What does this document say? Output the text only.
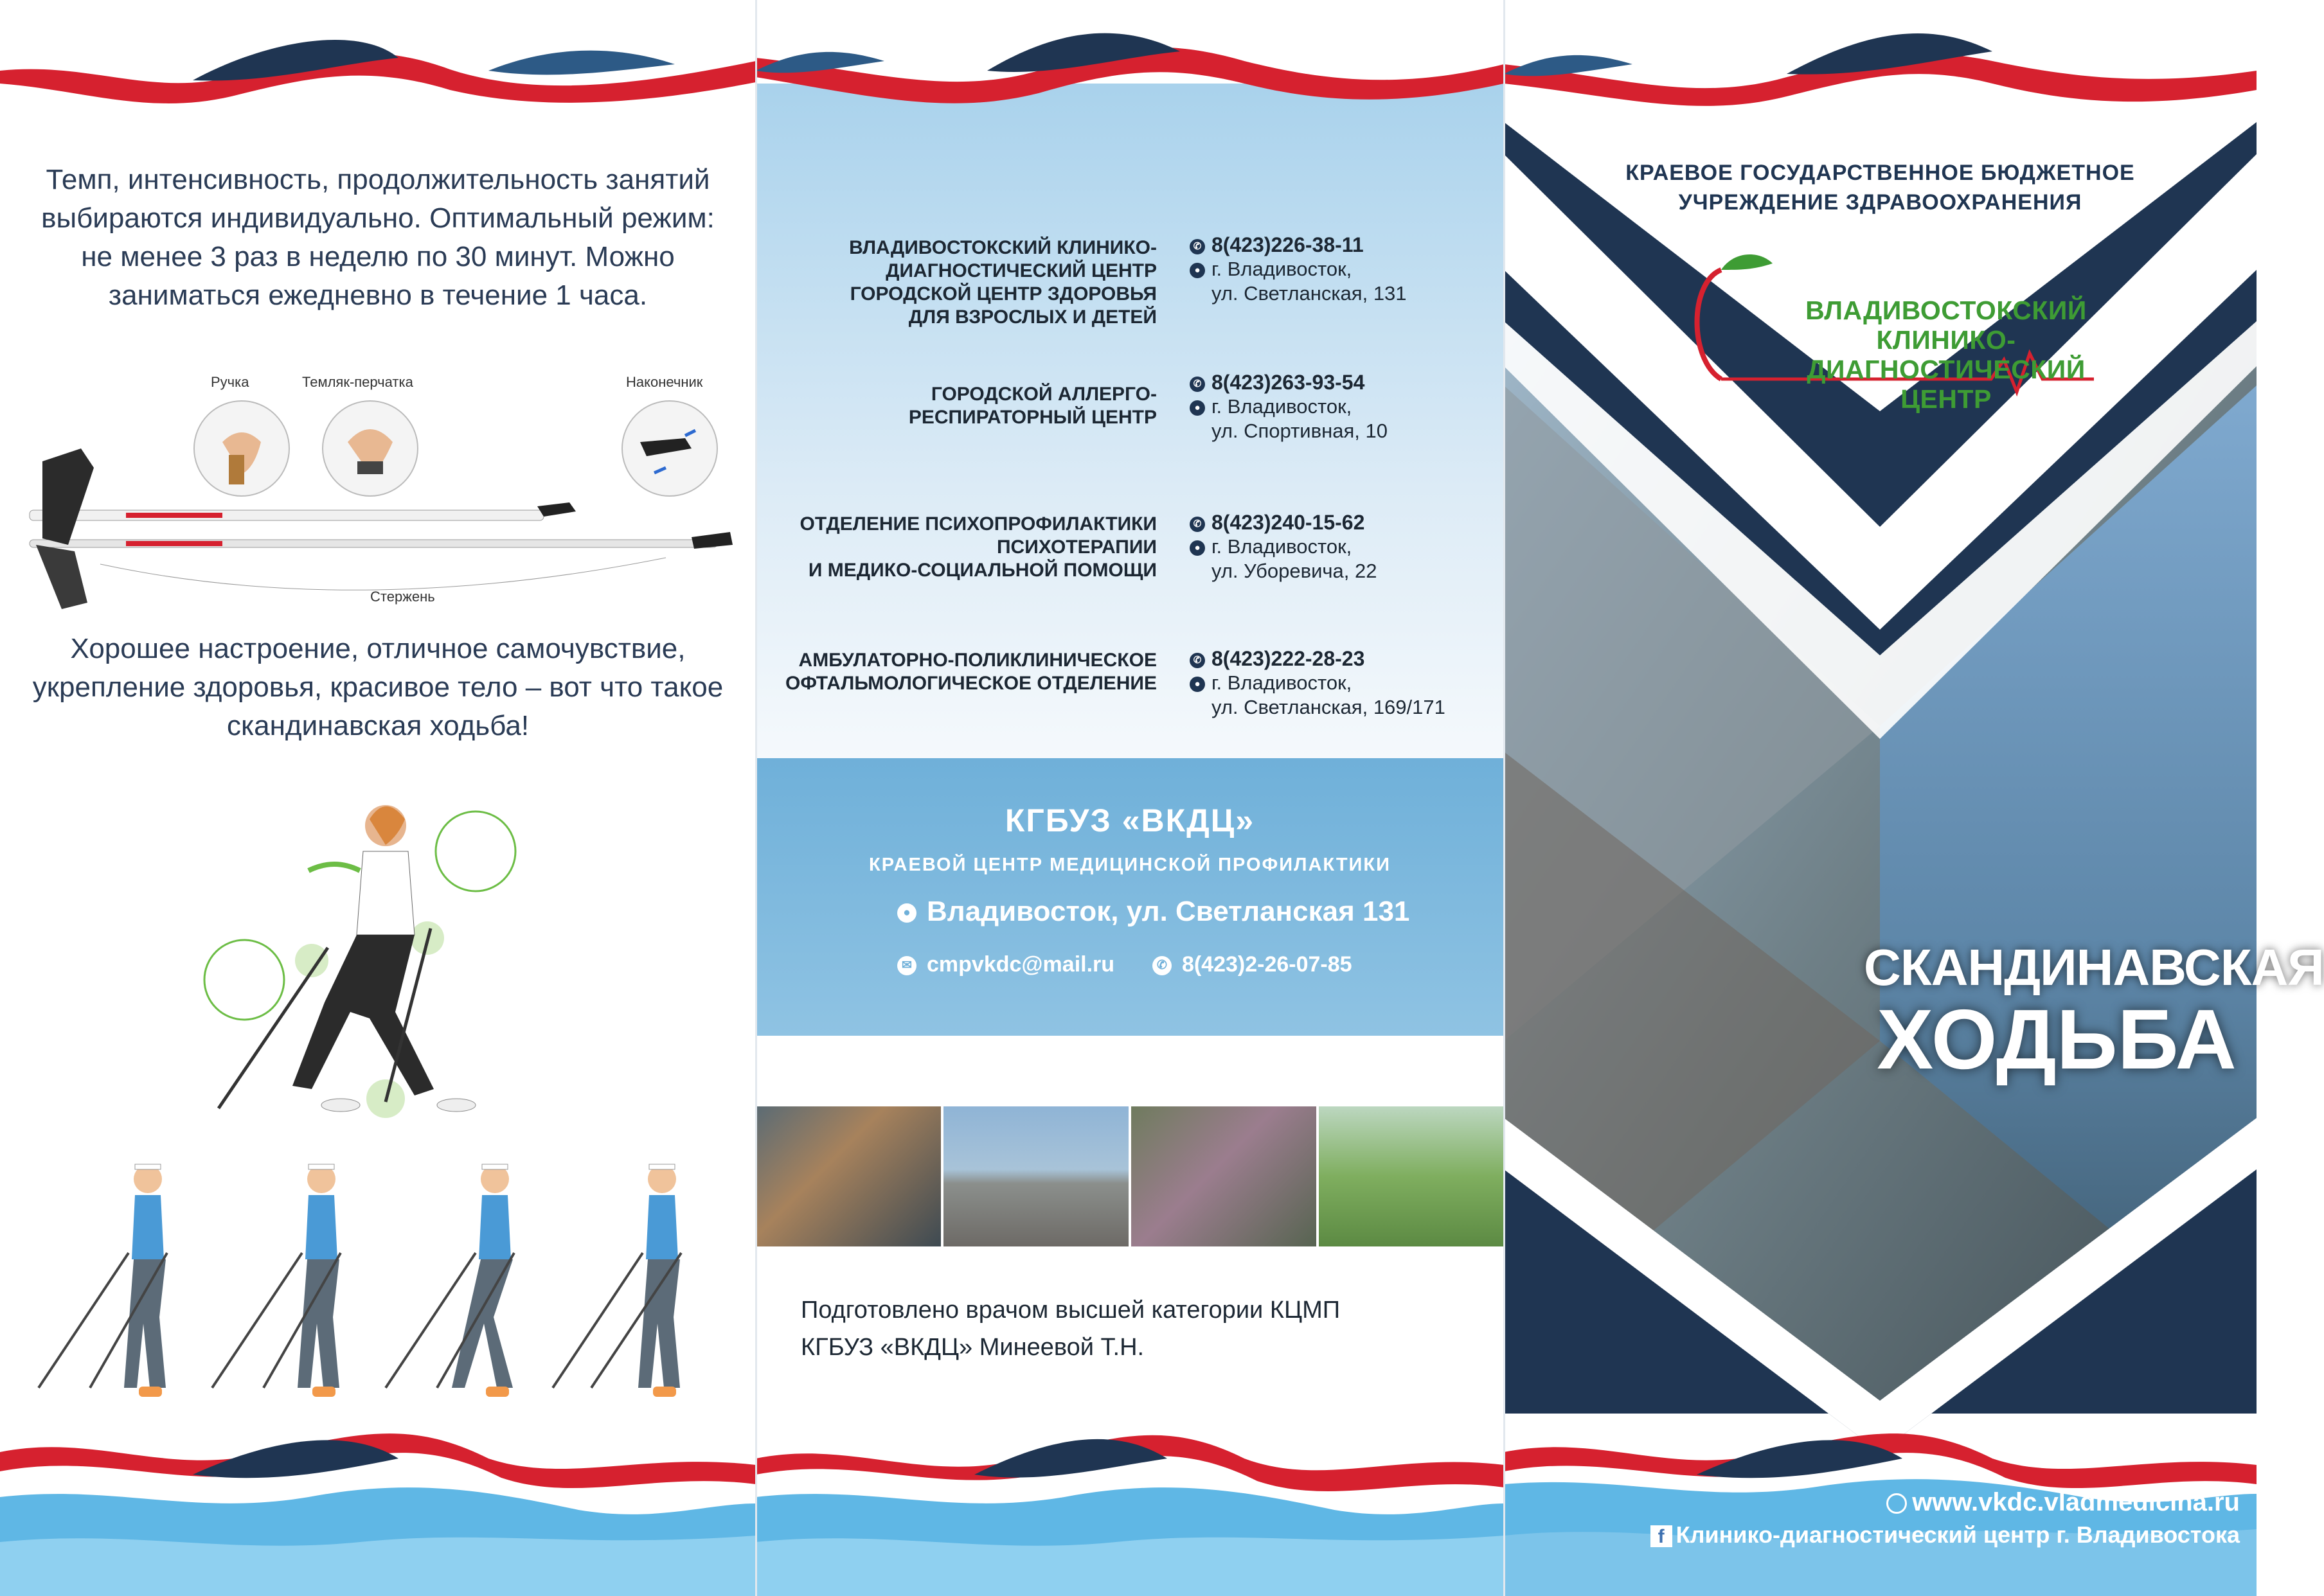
Темп, интенсивность, продолжительность занятий выбираются индивидуально. Оптимальный режим: не менее 3 раз в неделю по 30 минут. Можно заниматься ежедневно в течение 1 часа.

Ручка	Темляк-перчатка	Наконечник
Стержень

Хорошее настроение, отличное самочувствие, укрепление здоровья, красивое тело – вот что такое скандинавская ходьба!

ВЛАДИВОСТОКСКИЙ КЛИНИКО-
ДИАГНОСТИЧЕСКИЙ ЦЕНТР
ГОРОДСКОЙ ЦЕНТР ЗДОРОВЬЯ
ДЛЯ ВЗРОСЛЫХ И ДЕТЕЙ
✆ 8(423)226-38-11
● г. Владивосток,
ул. Светланская, 131
ГОРОДСКОЙ АЛЛЕРГО-
РЕСПИРАТОРНЫЙ ЦЕНТР
✆ 8(423)263-93-54
● г. Владивосток,
ул. Спортивная, 10
ОТДЕЛЕНИЕ ПСИХОПРОФИЛАКТИКИ
ПСИХОТЕРАПИИ
И МЕДИКО-СОЦИАЛЬНОЙ ПОМОЩИ
✆ 8(423)240-15-62
● г. Владивосток,
ул. Уборевича, 22
АМБУЛАТОРНО-ПОЛИКЛИНИЧЕСКОЕ
ОФТАЛЬМОЛОГИЧЕСКОЕ ОТДЕЛЕНИЕ
✆ 8(423)222-28-23
● г. Владивосток,
ул. Светланская, 169/171
КГБУЗ «ВКДЦ»
КРАЕВОЙ ЦЕНТР МЕДИЦИНСКОЙ ПРОФИЛАКТИКИ
● Владивосток, ул. Светланская 131
✉ cmpvkdc@mail.ru	✆ 8(423)2-26-07-85
Подготовлено врачом высшей категории КЦМП
КГБУЗ «ВКДЦ» Минеевой Т.Н.
КРАЕВОЕ ГОСУДАРСТВЕННОЕ БЮДЖЕТНОЕ
УЧРЕЖДЕНИЕ ЗДРАВООХРАНЕНИЯ
ВЛАДИВОСТОКСКИЙ КЛИНИКО-
ДИАГНОСТИЧЕСКИЙ ЦЕНТР
СКАНДИНАВСКАЯ
ХОДЬБА
www.vkdc.vladmedicina.ru
f Клинико-диагностический центр г. Владивостока
